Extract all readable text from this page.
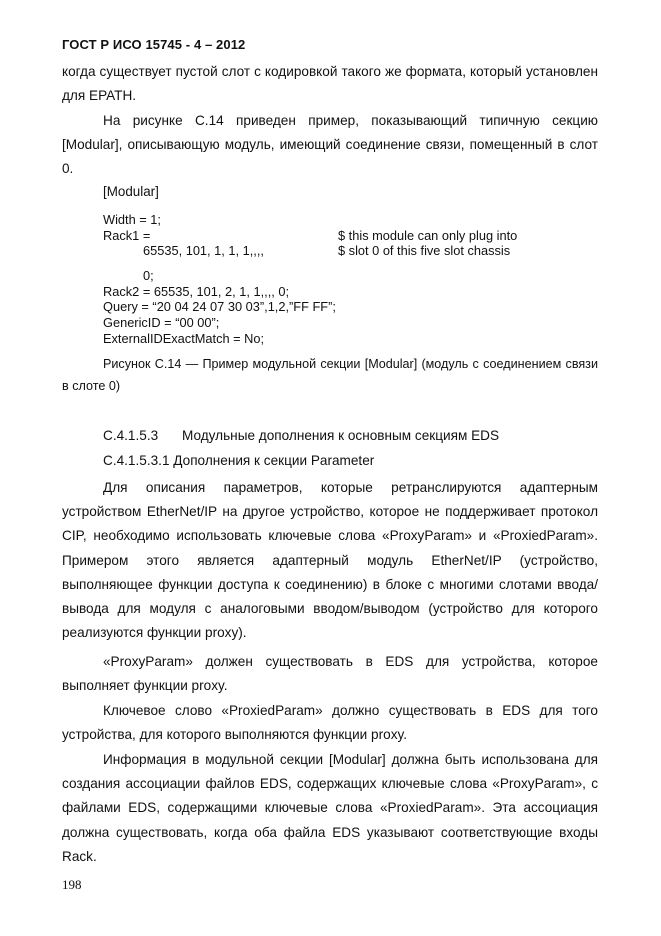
ГОСТ Р ИСО 15745 - 4 – 2012

когда существует пустой слот с кодировкой такого же формата, который установлен для EPATH.

На рисунке С.14 приведен пример, показывающий типичную секцию [Modular], описывающую модуль, имеющий соединение связи, помещенный в слот 0.

[Modular]
Width = 1;
Rack1 =
65535, 101, 1, 1, 1,,,,
0;
Rack2 = 65535, 101, 2, 1, 1,,,, 0;
Query = “20 04 24 07 30 03”,1,2,”FF FF”;
GenericID = “00 00”;
ExternalIDExactMatch = No;
$ this module can only plug into
$ slot 0 of this five slot chassis
Рисунок С.14 — Пример модульной секции [Modular] (модуль с соединением связи в слоте 0)
С.4.1.5.3 Модульные дополнения к основным секциям EDS
С.4.1.5.3.1 Дополнения к секции Parameter

Для описания параметров, которые ретранслируются адаптерным устройством EtherNet/IP на другое устройство, которое не поддерживает протокол CIP, необходимо использовать ключевые слова «ProxyParam» и «ProxiedParam». Примером этого является адаптерный модуль EtherNet/IP (устройство, выполняющее функции доступа к соединению) в блоке с многими слотами ввода/вывода для модуля с аналоговыми вводом/выводом (устройство для которого реализуются функции proxy).

«ProxyParam» должен существовать в EDS для устройства, которое выполняет функции proxy.

Ключевое слово «ProxiedParam» должно существовать в EDS для того устройства, для которого выполняются функции proxy.

Информация в модульной секции [Modular] должна быть использована для создания ассоциации файлов EDS, содержащих ключевые слова «ProxyParam», с файлами EDS, содержащими ключевые слова «ProxiedParam». Эта ассоциация должна существовать, когда оба файла EDS указывают соответствующие входы Rack.

198
